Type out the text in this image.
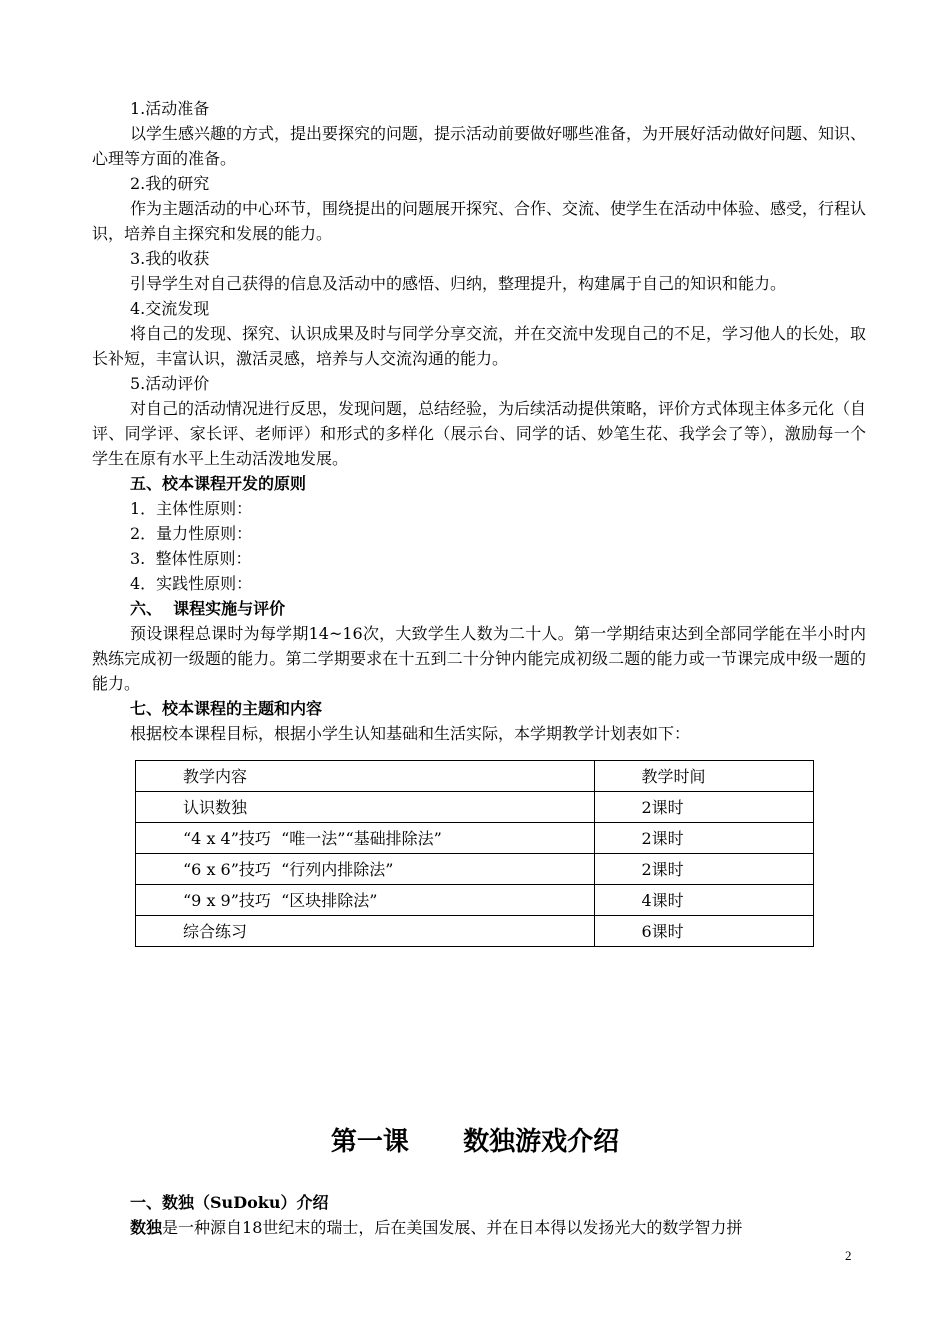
1.活动准备

以学生感兴趣的方式，提出要探究的问题，提示活动前要做好哪些准备，为开展好活动做好问题、知识、心理等方面的准备。

2.我的研究

作为主题活动的中心环节，围绕提出的问题展开探究、合作、交流、使学生在活动中体验、感受，行程认识，培养自主探究和发展的能力。

3.我的收获

引导学生对自己获得的信息及活动中的感悟、归纳，整理提升，构建属于自己的知识和能力。

4.交流发现

将自己的发现、探究、认识成果及时与同学分享交流，并在交流中发现自己的不足，学习他人的长处，取长补短，丰富认识，激活灵感，培养与人交流沟通的能力。

5.活动评价

对自己的活动情况进行反思，发现问题，总结经验，为后续活动提供策略，评价方式体现主体多元化（自评、同学评、家长评、老师评）和形式的多样化（展示台、同学的话、妙笔生花、我学会了等），激励每一个学生在原有水平上生动活泼地发展。

五、校本课程开发的原则

1．主体性原则：

2．量力性原则：

3.  整体性原则：

4．实践性原则：

六、  课程实施与评价

预设课程总课时为每学期14~16次，大致学生人数为二十人。第一学期结束达到全部同学能在半小时内熟练完成初一级题的能力。第二学期要求在十五到二十分钟内能完成初级二题的能力或一节课完成中级一题的能力。

七、校本课程的主题和内容

根据校本课程目标，根据小学生认知基础和生活实际，本学期教学计划表如下：

教学内容	教学时间
认识数独	2课时
“4 x 4”技巧  “唯一法”“基础排除法”	2课时
“6 x 6”技巧  “行列内排除法”	2课时
“9 x 9”技巧  “区块排除法”	4课时
综合练习	6课时
第一课      数独游戏介绍

一、数独（SuDoku）介绍

数独是一种源自18世纪末的瑞士，后在美国发展、并在日本得以发扬光大的数学智力拼

2
